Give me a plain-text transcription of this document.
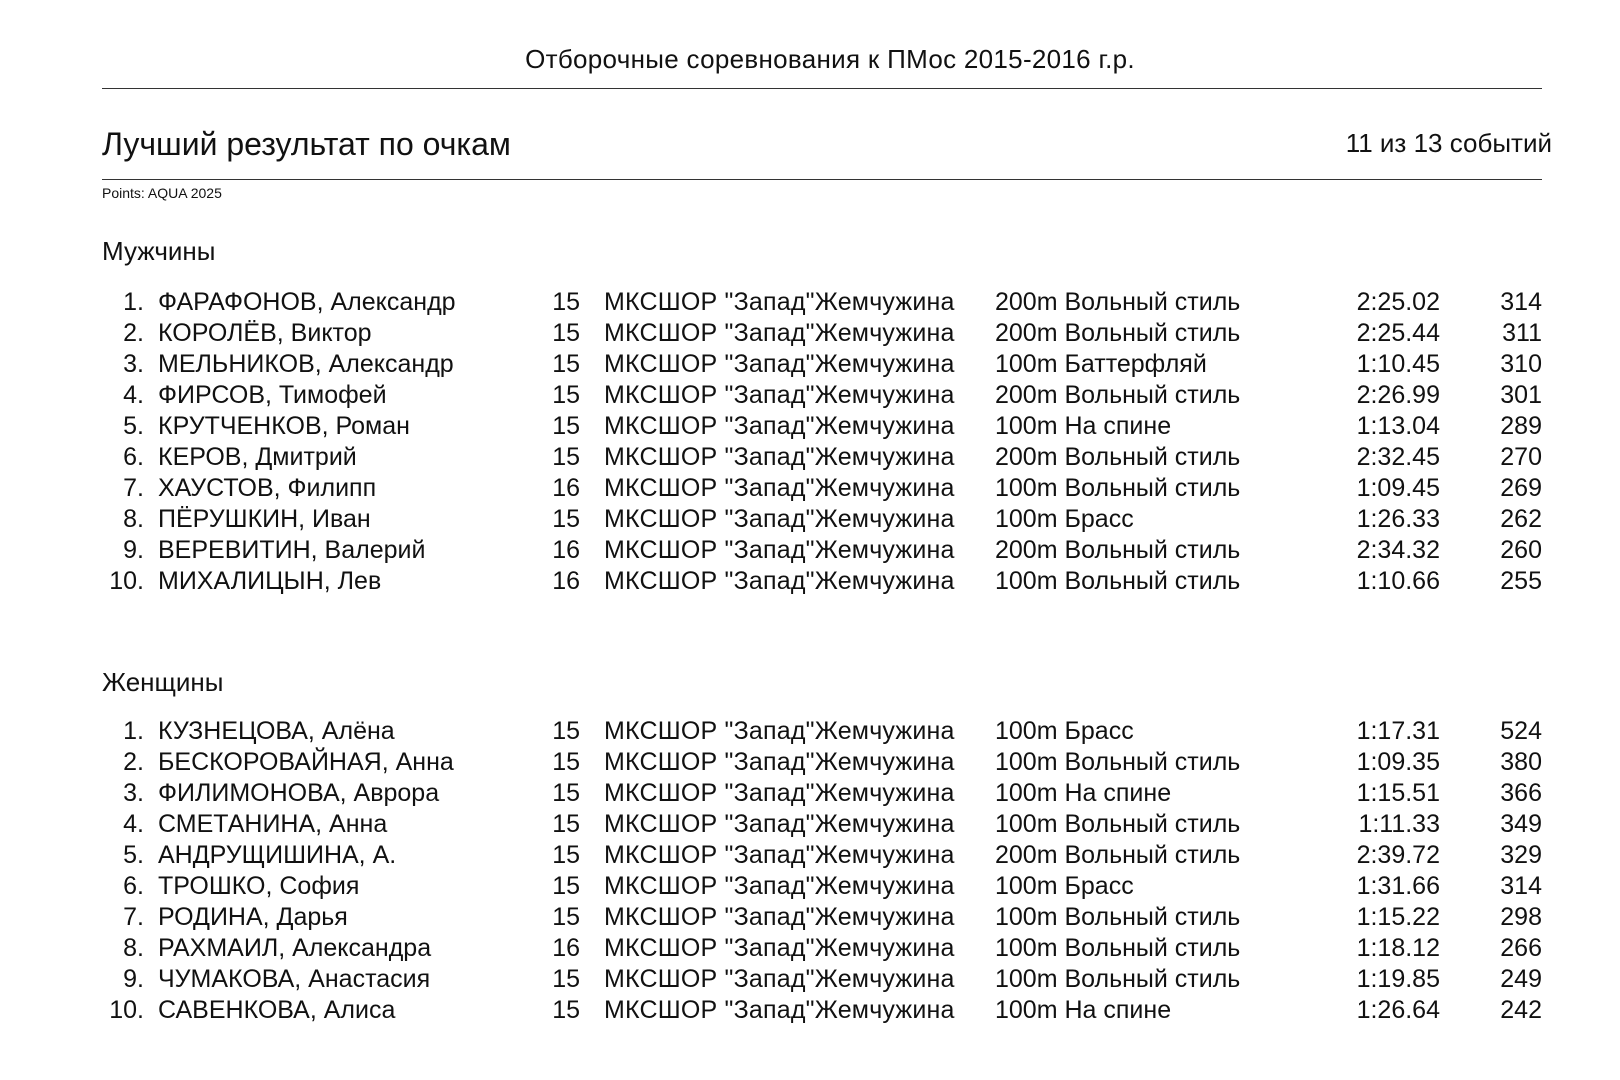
Отборочные соревнования к ПМос 2015-2016 г.р.
Лучший результат по очкам	11 из 13 событий
Points: AQUA 2025
Мужчины
1. ФАРАФОНОВ, Александр	15 МКСШОР "Запад"Жемчужина 200m Вольный стиль	2:25.02 314
2. КОРОЛЁВ, Виктор	15 МКСШОР "Запад"Жемчужина 200m Вольный стиль	2:25.44 311
3. МЕЛЬНИКОВ, Александр	15 МКСШОР "Запад"Жемчужина 100m Баттерфляй	1:10.45 310
4. ФИРСОВ, Тимофей	15 МКСШОР "Запад"Жемчужина 200m Вольный стиль	2:26.99 301
5. КРУТЧЕНКОВ, Роман	15 МКСШОР "Запад"Жемчужина 100m На спине	1:13.04 289
6. КЕРОВ, Дмитрий	15 МКСШОР "Запад"Жемчужина 200m Вольный стиль	2:32.45 270
7. ХАУСТОВ, Филипп	16 МКСШОР "Запад"Жемчужина 100m Вольный стиль	1:09.45 269
8. ПЁРУШКИН, Иван	15 МКСШОР "Запад"Жемчужина 100m Брасс	1:26.33 262
9. ВЕРЕВИТИН, Валерий	16 МКСШОР "Запад"Жемчужина 200m Вольный стиль	2:34.32 260
10. МИХАЛИЦЫН, Лев	16 МКСШОР "Запад"Жемчужина 100m Вольный стиль	1:10.66 255
Женщины
1. КУЗНЕЦОВА, Алёна	15 МКСШОР "Запад"Жемчужина 100m Брасс	1:17.31 524
2. БЕСКОРОВАЙНАЯ, Анна	15 МКСШОР "Запад"Жемчужина 100m Вольный стиль	1:09.35 380
3. ФИЛИМОНОВА, Аврора	15 МКСШОР "Запад"Жемчужина 100m На спине	1:15.51 366
4. СМЕТАНИНА, Анна	15 МКСШОР "Запад"Жемчужина 100m Вольный стиль	1:11.33 349
5. АНДРУЩИШИНА, А.	15 МКСШОР "Запад"Жемчужина 200m Вольный стиль	2:39.72 329
6. ТРОШКО, София	15 МКСШОР "Запад"Жемчужина 100m Брасс	1:31.66 314
7. РОДИНА, Дарья	15 МКСШОР "Запад"Жемчужина 100m Вольный стиль	1:15.22 298
8. РАХМАИЛ, Александра	16 МКСШОР "Запад"Жемчужина 100m Вольный стиль	1:18.12 266
9. ЧУМАКОВА, Анастасия	15 МКСШОР "Запад"Жемчужина 100m Вольный стиль	1:19.85 249
10. САВЕНКОВА, Алиса	15 МКСШОР "Запад"Жемчужина 100m На спине	1:26.64 242
